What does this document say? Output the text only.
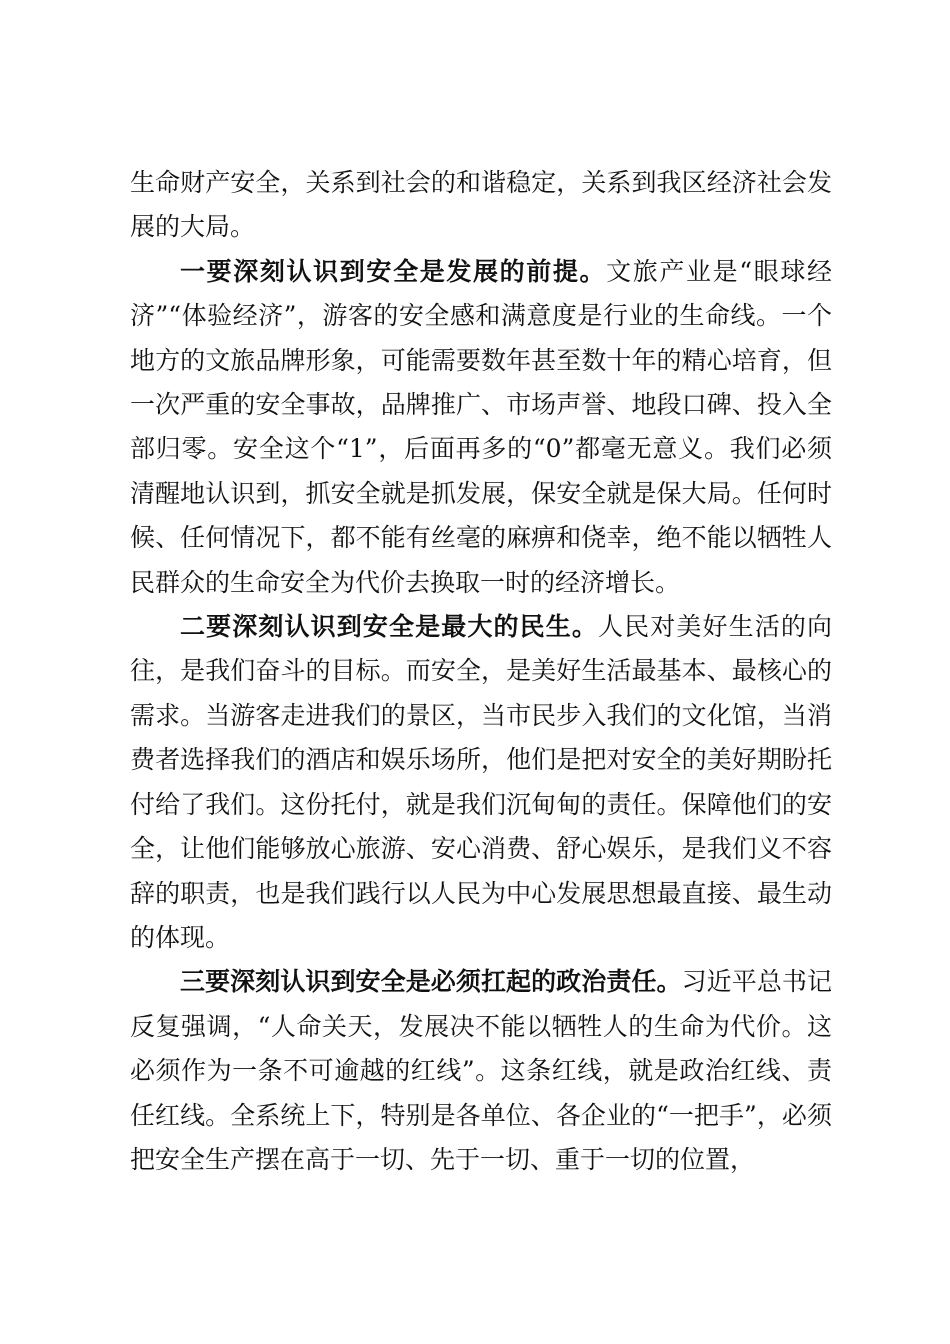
生命财产安全，关系到社会的和谐稳定，关系到我区经济社会发展的大局。

一要深刻认识到安全是发展的前提。文旅产业是“眼球经济”“体验经济”，游客的安全感和满意度是行业的生命线。一个地方的文旅品牌形象，可能需要数年甚至数十年的精心培育，但一次严重的安全事故，品牌推广、市场声誉、地段口碑、投入全部归零。安全这个“1”，后面再多的“0”都毫无意义。我们必须清醒地认识到，抓安全就是抓发展，保安全就是保大局。任何时候、任何情况下，都不能有丝毫的麻痹和侥幸，绝不能以牺牲人民群众的生命安全为代价去换取一时的经济增长。

二要深刻认识到安全是最大的民生。人民对美好生活的向往，是我们奋斗的目标。而安全，是美好生活最基本、最核心的需求。当游客走进我们的景区，当市民步入我们的文化馆，当消费者选择我们的酒店和娱乐场所，他们是把对安全的美好期盼托付给了我们。这份托付，就是我们沉甸甸的责任。保障他们的安全，让他们能够放心旅游、安心消费、舒心娱乐，是我们义不容辞的职责，也是我们践行以人民为中心发展思想最直接、最生动的体现。

三要深刻认识到安全是必须扛起的政治责任。习近平总书记反复强调，“人命关天，发展决不能以牺牲人的生命为代价。这必须作为一条不可逾越的红线”。这条红线，就是政治红线、责任红线。全系统上下，特别是各单位、各企业的“一把手”，必须把安全生产摆在高于一切、先于一切、重于一切的位置，
